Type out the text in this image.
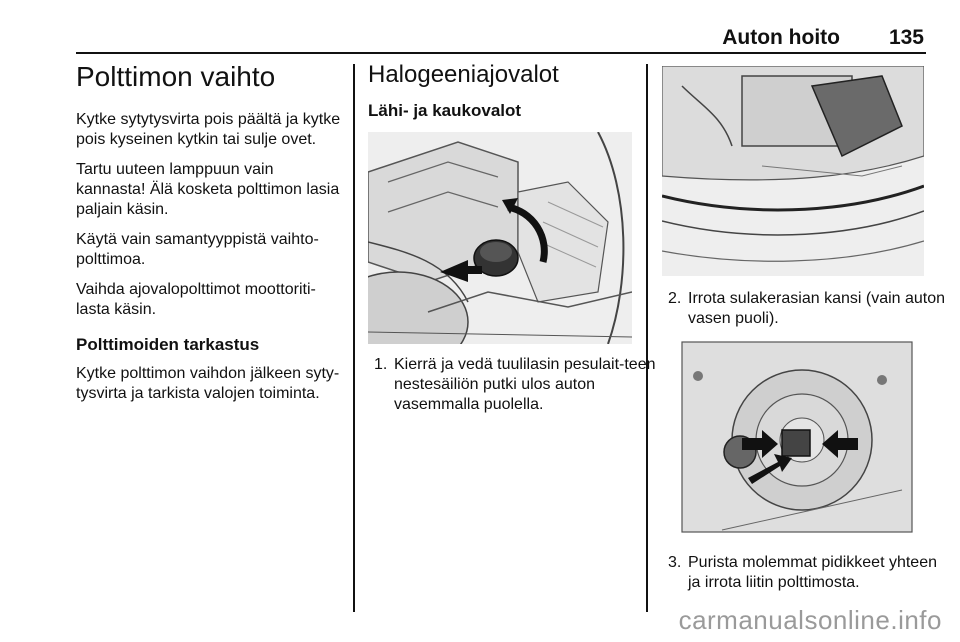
Auton hoito 135
Polttimon vaihto

Kytke sytytysvirta pois päältä ja kytke pois kyseinen kytkin tai sulje ovet.

Tartu uuteen lamppuun vain kannasta! Älä kosketa polttimon lasia paljain käsin.

Käytä vain samantyyppistä vaihto-polttimoa.

Vaihda ajovalopolttimot moottoriti-lasta käsin.

Polttimoiden tarkastus

Kytke polttimon vaihdon jälkeen syty-tysvirta ja tarkista valojen toiminta.

Halogeeniajovalot
Lähi- ja kaukovalot
1. Kierrä ja vedä tuulilasin pesulait-teen nestesäiliön putki ulos auton vasemmalla puolella.
2. Irrota sulakerasian kansi (vain auton vasen puoli).
3. Purista molemmat pidikkeet yhteen ja irrota liitin polttimosta.
carmanualsonline.info
